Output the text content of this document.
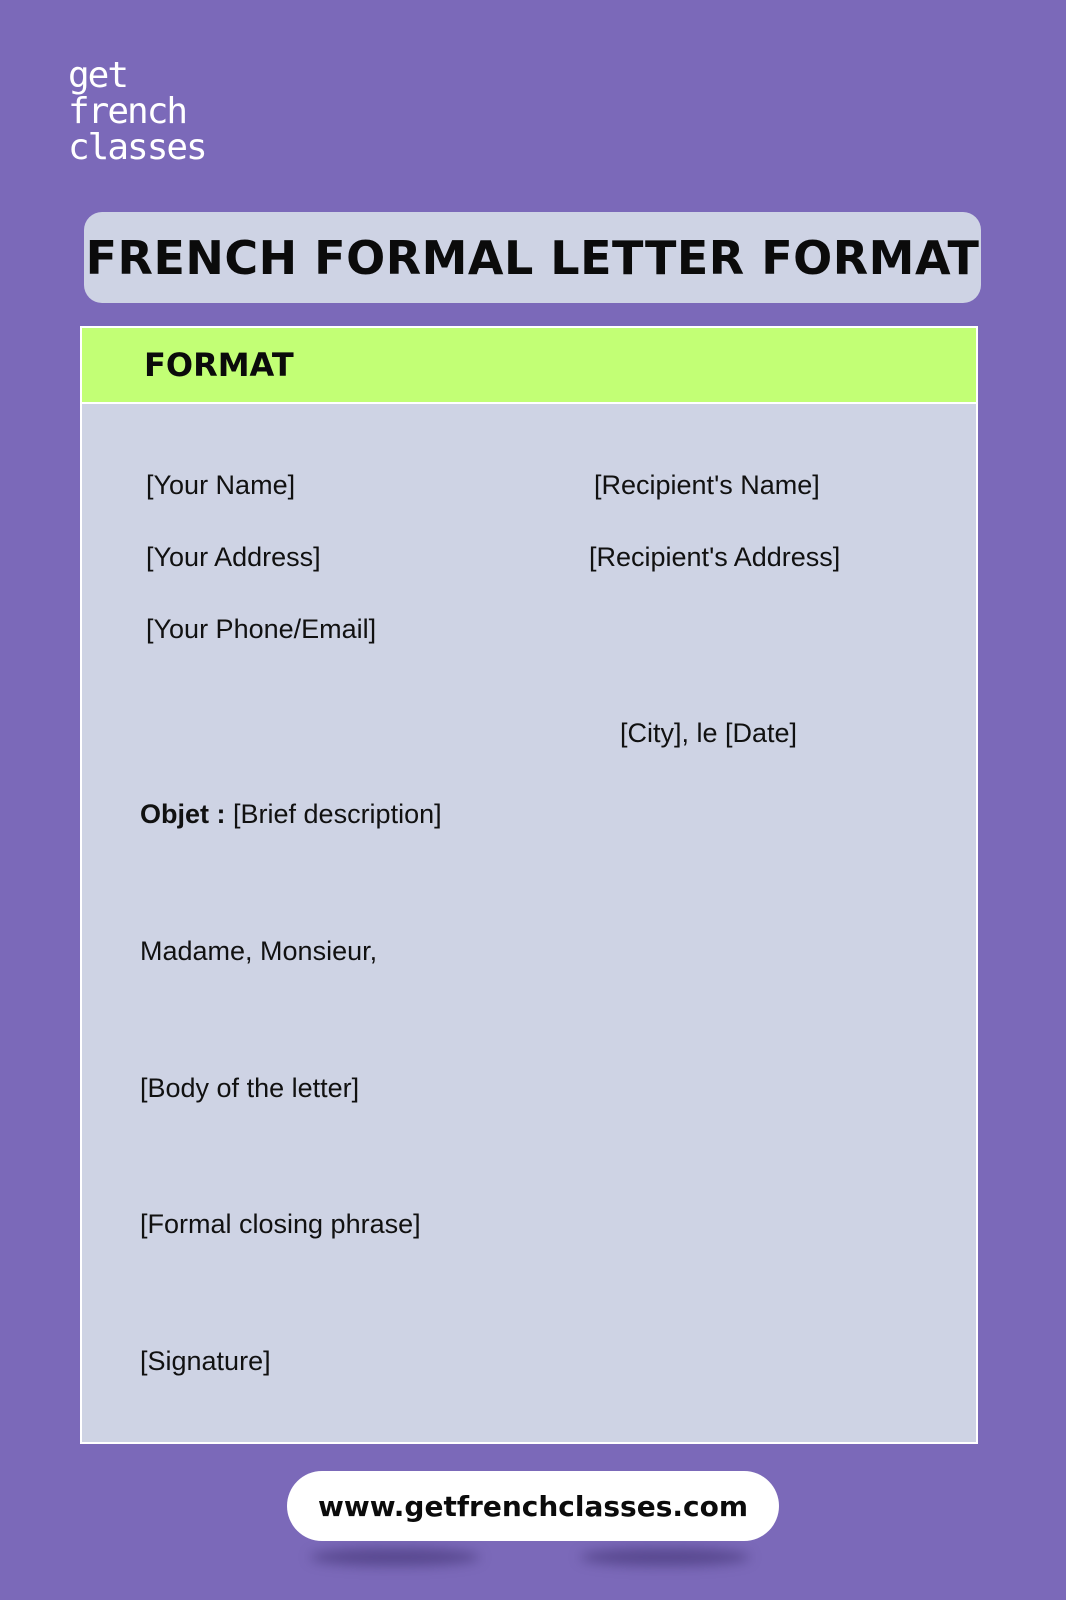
get
french
classes
FRENCH FORMAL LETTER FORMAT
FORMAT
[Your Name]
[Your Address]
[Your Phone/Email]
[Recipient's Name]
[Recipient's Address]
[City], le [Date]
Objet : [Brief description]
Madame, Monsieur,
[Body of the letter]
[Formal closing phrase]
[Signature]
www.getfrenchclasses.com
